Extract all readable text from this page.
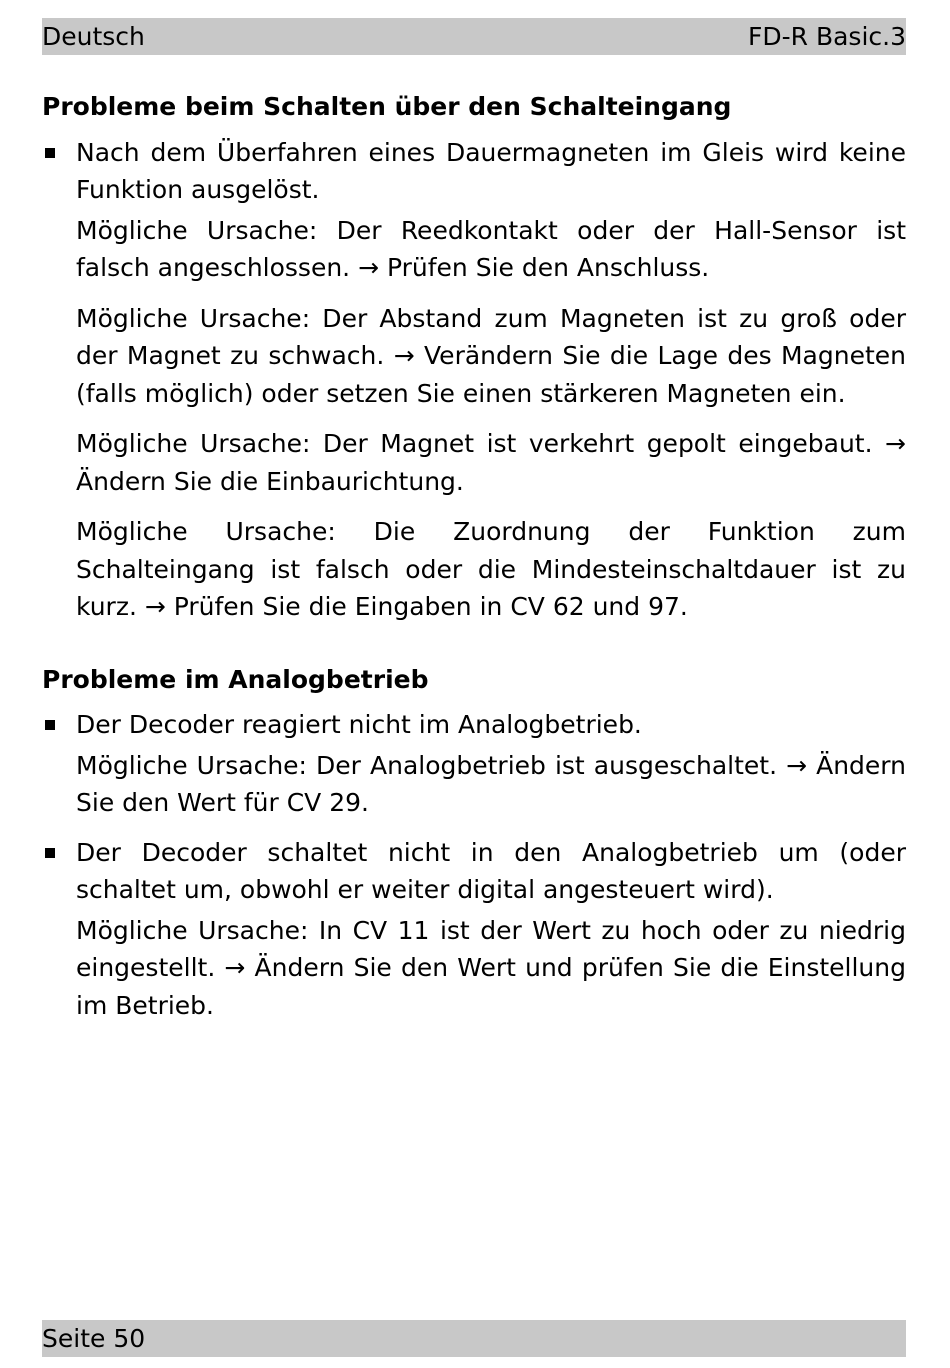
Deutsch	FD-R Basic.3
Probleme beim Schalten über den Schalteingang

Nach dem Überfahren eines Dauermagneten im Gleis wird keine Funktion ausgelöst.

Mögliche Ursache: Der Reedkontakt oder der Hall-Sensor ist falsch angeschlossen. → Prüfen Sie den Anschluss.

Mögliche Ursache: Der Abstand zum Magneten ist zu groß oder der Magnet zu schwach. → Verändern Sie die Lage des Magneten (falls möglich) oder setzen Sie einen stärkeren Magneten ein.

Mögliche Ursache: Der Magnet ist verkehrt gepolt eingebaut. → Ändern Sie die Einbaurichtung.

Mögliche Ursache: Die Zuordnung der Funktion zum Schalteingang ist falsch oder die Mindesteinschaltdauer ist zu kurz. → Prüfen Sie die Eingaben in CV 62 und 97.

Probleme im Analogbetrieb

Der Decoder reagiert nicht im Analogbetrieb.

Mögliche Ursache: Der Analogbetrieb ist ausgeschaltet. → Ändern Sie den Wert für CV 29.

Der Decoder schaltet nicht in den Analogbetrieb um (oder schaltet um, obwohl er weiter digital angesteuert wird).

Mögliche Ursache: In CV 11 ist der Wert zu hoch oder zu niedrig eingestellt. → Ändern Sie den Wert und prüfen Sie die Einstellung im Betrieb.

Seite 50
